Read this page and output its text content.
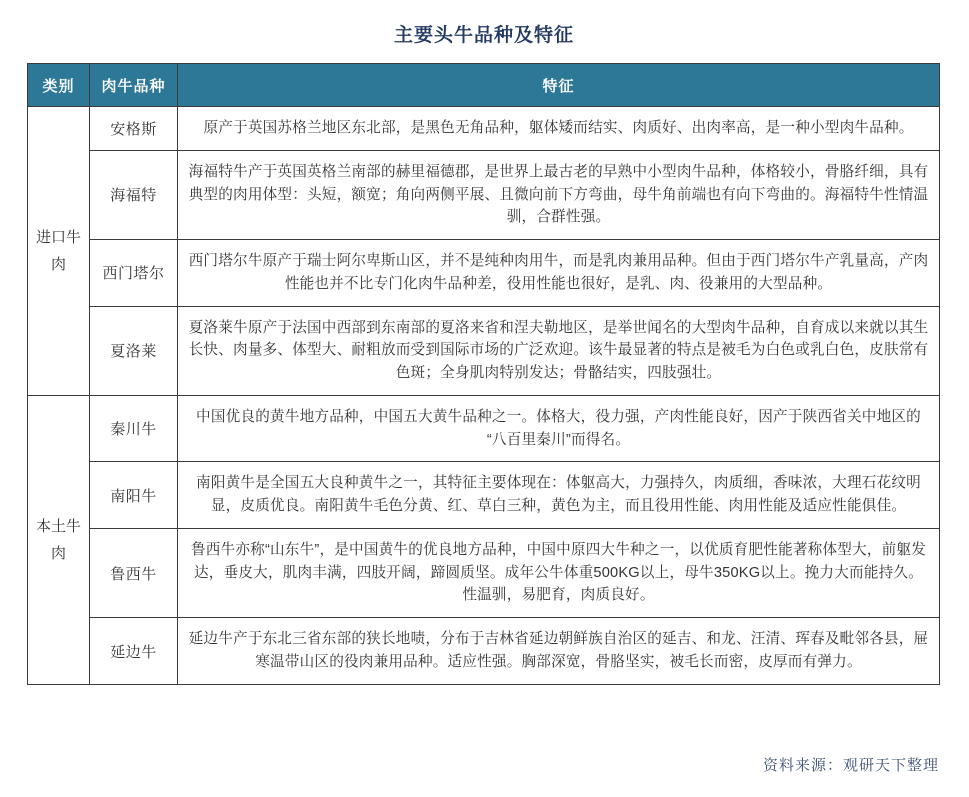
主要头牛品种及特征
类别	肉牛品种	特征
进口牛肉	安格斯	原产于英国苏格兰地区东北部，是黑色无角品种，躯体矮而结实、肉质好、出肉率高，是一种小型肉牛品种。
	海福特	海福特牛产于英国英格兰南部的赫里福德郡，是世界上最古老的早熟中小型肉牛品种，体格较小，骨胳纤细，具有典型的肉用体型：头短，额宽；角向两侧平展、且微向前下方弯曲，母牛角前端也有向下弯曲的。海福特牛性情温驯，合群性强。
	西门塔尔	西门塔尔牛原产于瑞士阿尔卑斯山区，并不是纯种肉用牛，而是乳肉兼用品种。但由于西门塔尔牛产乳量高，产肉性能也并不比专门化肉牛品种差，役用性能也很好，是乳、肉、役兼用的大型品种。
	夏洛莱	夏洛莱牛原产于法国中西部到东南部的夏洛来省和涅夫勒地区，是举世闻名的大型肉牛品种，自育成以来就以其生长快、肉量多、体型大、耐粗放而受到国际市场的广泛欢迎。该牛最显著的特点是被毛为白色或乳白色，皮肤常有色斑；全身肌肉特别发达；骨骼结实，四肢强壮。
本土牛肉	秦川牛	中国优良的黄牛地方品种，中国五大黄牛品种之一。体格大，役力强，产肉性能良好，因产于陕西省关中地区的“八百里秦川”而得名。
	南阳牛	南阳黄牛是全国五大良种黄牛之一，其特征主要体现在：体躯高大，力强持久，肉质细，香味浓，大理石花纹明显，皮质优良。南阳黄牛毛色分黄、红、草白三种，黄色为主，而且役用性能、肉用性能及适应性能俱佳。
	鲁西牛	鲁西牛亦称“山东牛”，是中国黄牛的优良地方品种，中国中原四大牛种之一，以优质育肥性能著称体型大，前躯发达，垂皮大，肌肉丰满，四肢开阔，蹄圆质坚。成年公牛体重500KG以上，母牛350KG以上。挽力大而能持久。性温驯，易肥育，肉质良好。
	延边牛	延边牛产于东北三省东部的狭长地啧，分布于吉林省延边朝鲜族自治区的延吉、和龙、汪清、珲春及毗邻各县，屉寒温带山区的役肉兼用品种。适应性强。胸部深宽，骨胳坚实，被毛长而密，皮厚而有弹力。
资料来源：观研天下整理
